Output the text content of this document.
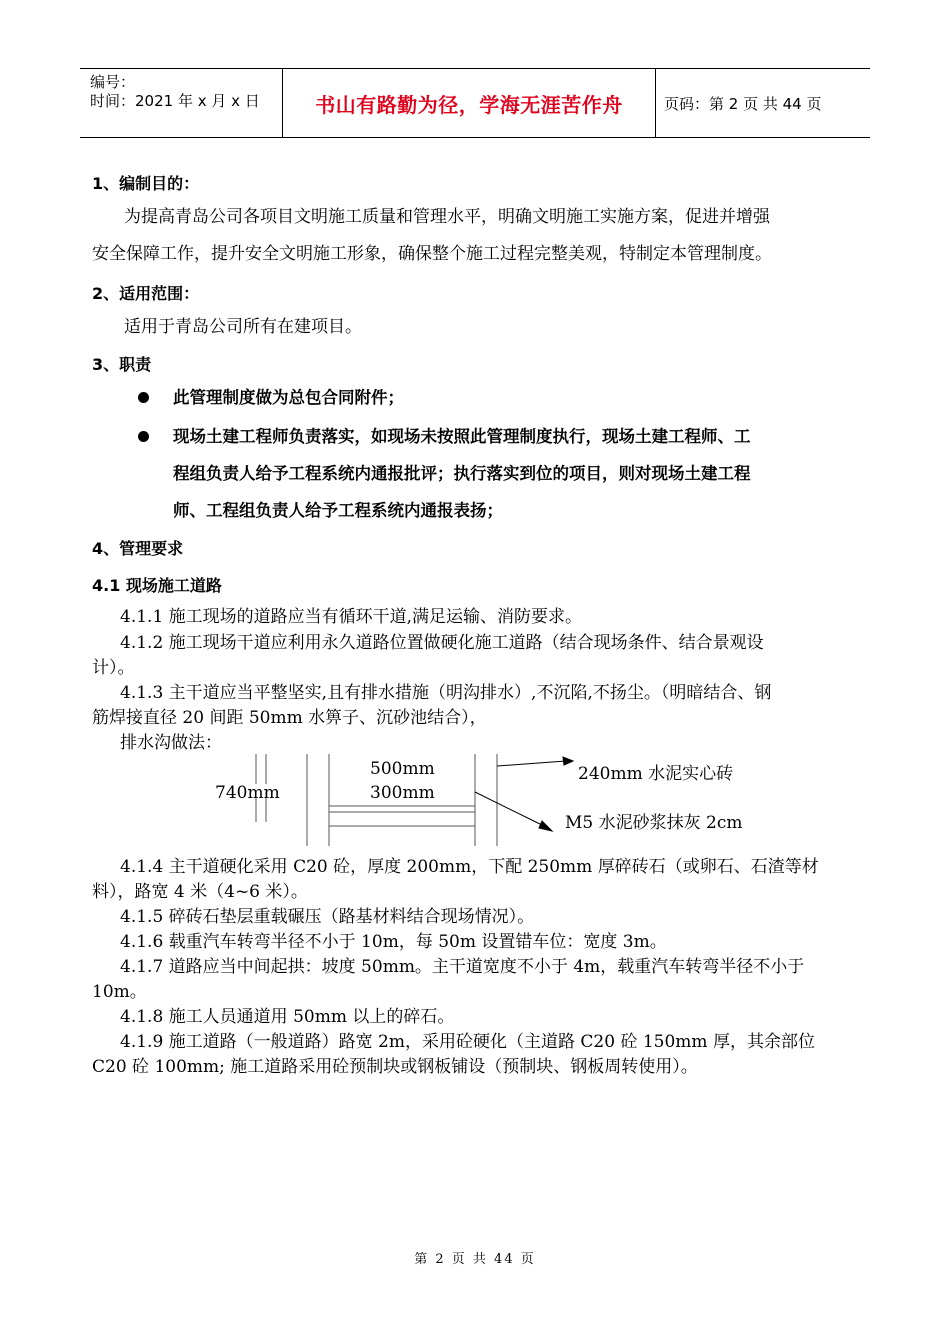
编号：
时间：2021 年 x 月 x 日	书山有路勤为径，学海无涯苦作舟	页码：第 2 页 共 44 页
1、编制目的：
为提高青岛公司各项目文明施工质量和管理水平，明确文明施工实施方案，促进并增强
安全保障工作，提升安全文明施工形象，确保整个施工过程完整美观，特制定本管理制度。
2、适用范围：
适用于青岛公司所有在建项目。
3、职责
此管理制度做为总包合同附件；
现场土建工程师负责落实，如现场未按照此管理制度执行，现场土建工程师、工
程组负责人给予工程系统内通报批评；执行落实到位的项目，则对现场土建工程
师、工程组负责人给予工程系统内通报表扬；
4、管理要求
4.1 现场施工道路
4.1.1 施工现场的道路应当有循环干道,满足运输、消防要求。
4.1.2 施工现场干道应利用永久道路位置做硬化施工道路（结合现场条件、结合景观设
计）。
4.1.3 主干道应当平整坚实,且有排水措施（明沟排水）,不沉陷,不扬尘。（明暗结合、钢
筋焊接直径 20 间距 50mm 水箅子、沉砂池结合），
排水沟做法：
740mm
500mm
300mm
240mm 水泥实心砖
M5 水泥砂浆抹灰 2cm
4.1.4 主干道硬化采用 C20 砼，厚度 200mm，下配 250mm 厚碎砖石（或卵石、石渣等材
料），路宽 4 米（4~6 米）。
4.1.5 碎砖石垫层重载碾压（路基材料结合现场情况）。
4.1.6 载重汽车转弯半径不小于 10m，每 50m 设置错车位：宽度 3m。
4.1.7 道路应当中间起拱：坡度 50mm。主干道宽度不小于 4m，载重汽车转弯半径不小于
10m。
4.1.8 施工人员通道用 50mm 以上的碎石。
4.1.9 施工道路（一般道路）路宽 2m，采用砼硬化（主道路 C20 砼 150mm 厚，其余部位
C20 砼 100mm; 施工道路采用砼预制块或钢板铺设（预制块、钢板周转使用）。
第 2 页 共 44 页
